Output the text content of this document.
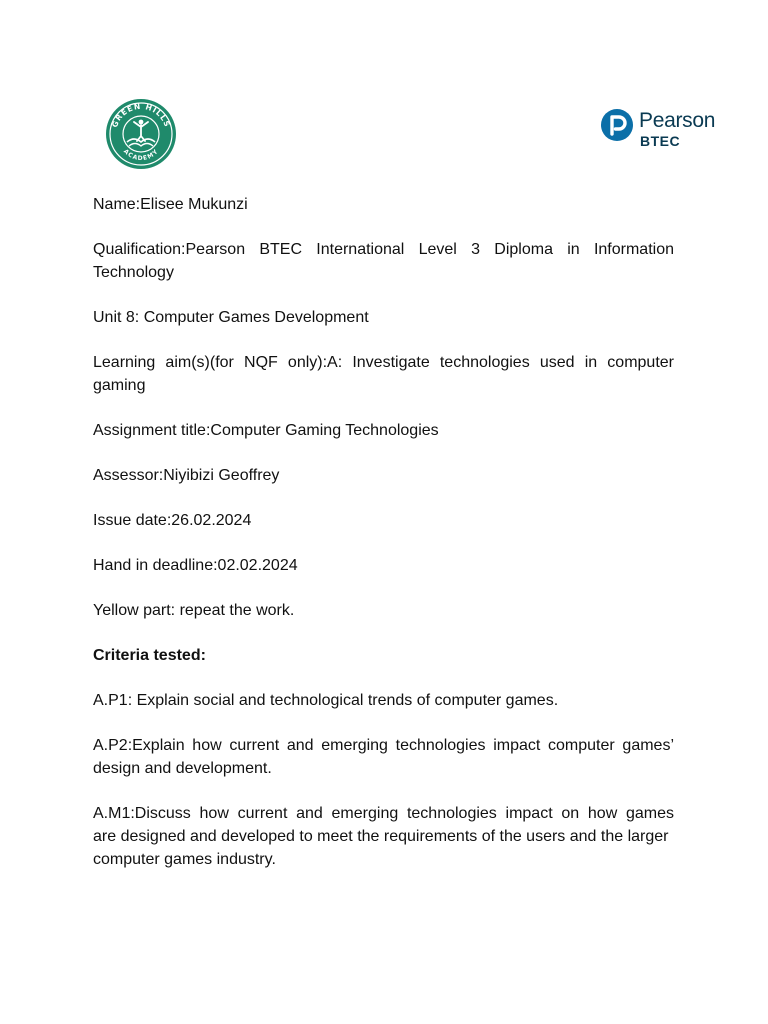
GREEN HILLS
ACADEMY
Pearson
BTEC

Name:Elisee Mukunzi

Qualification:Pearson BTEC International Level 3 Diploma in Information Technology

Unit 8: Computer Games Development

Learning aim(s)(for NQF only):A: Investigate technologies used in computer gaming

Assignment title:Computer Gaming Technologies

Assessor:Niyibizi Geoffrey

Issue date:26.02.2024

Hand in deadline:02.02.2024

Yellow part: repeat the work.

Criteria tested:

A.P1: Explain social and technological trends of computer games.

A.P2:Explain how current and emerging technologies impact computer games’ design and development.

A.M1:Discuss how current and emerging technologies impact on how games
are designed and developed to meet the requirements of the users and the larger computer games industry.
